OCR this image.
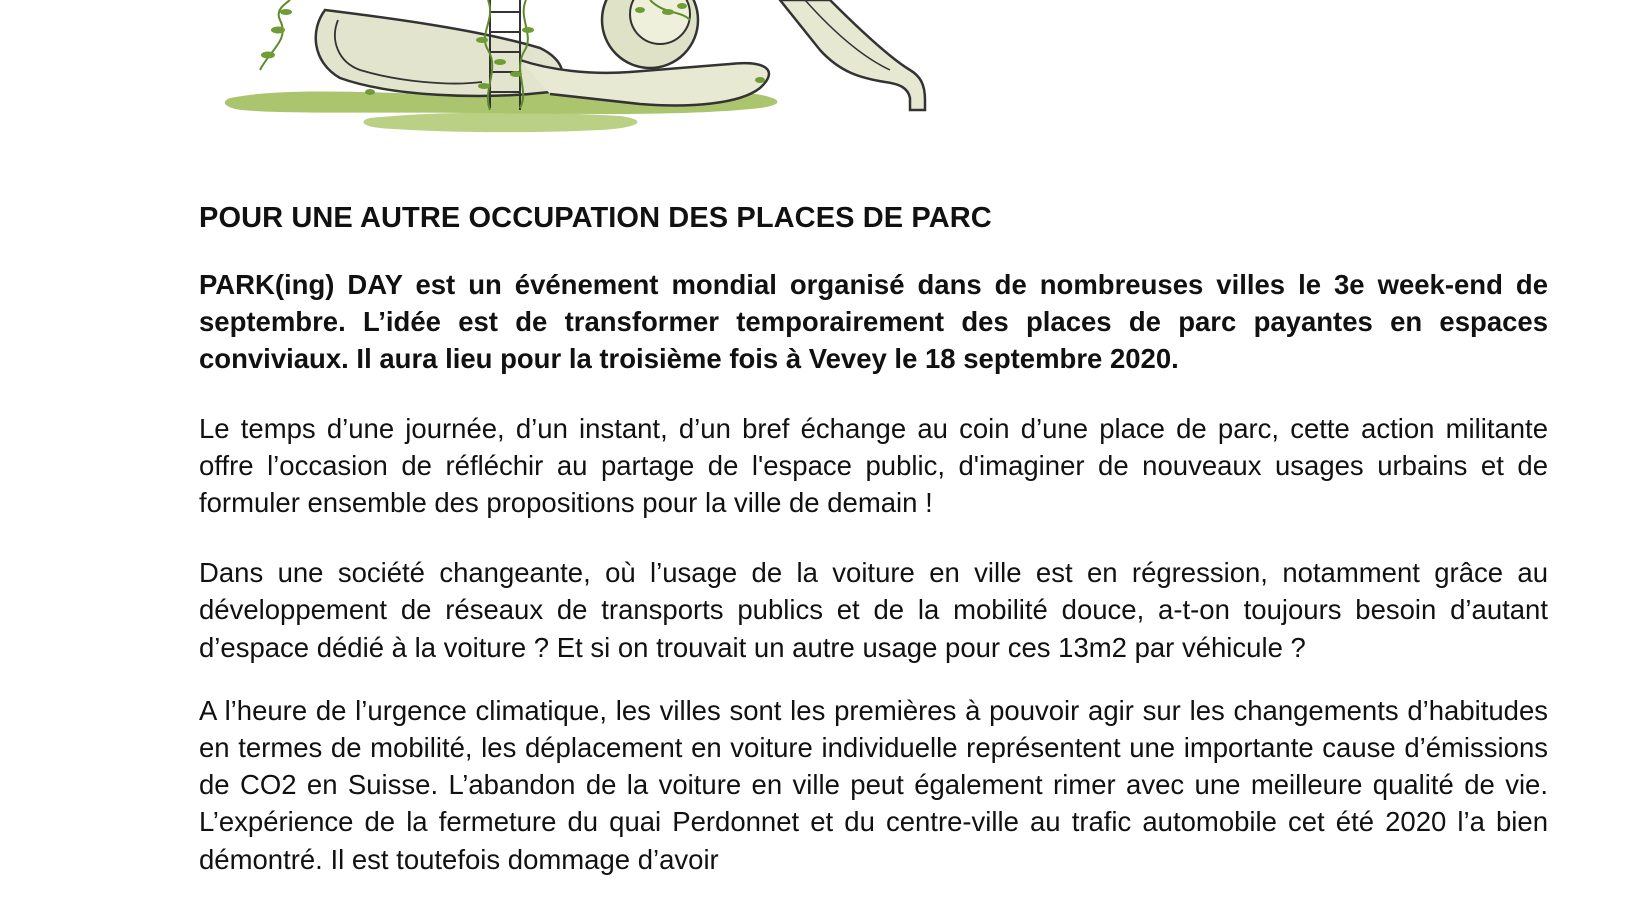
POUR UNE AUTRE OCCUPATION DES PLACES DE PARC

PARK(ing) DAY est un événement mondial organisé dans de nombreuses villes le 3e week-end de septembre. L’idée est de transformer temporairement des places de parc payantes en espaces conviviaux. Il aura lieu pour la troisième fois à Vevey le 18 septembre 2020.

Le temps d’une journée, d’un instant, d’un bref échange au coin d’une place de parc, cette action militante offre l’occasion de réfléchir au partage de l'espace public, d'imaginer de nouveaux usages urbains et de formuler ensemble des propositions pour la ville de demain !

Dans une société changeante, où l’usage de la voiture en ville est en régression, notamment grâce au développement de réseaux de transports publics et de la mobilité douce, a-t-on toujours besoin d’autant d’espace dédié à la voiture ? Et si on trouvait un autre usage pour ces 13m2 par véhicule ?

A l’heure de l’urgence climatique, les villes sont les premières à pouvoir agir sur les changements d’habitudes en termes de mobilité, les déplacement en voiture individuelle représentent une importante cause d’émissions de CO2 en Suisse. L’abandon de la voiture en ville peut également rimer avec une meilleure qualité de vie. L’expérience de la fermeture du quai Perdonnet et du centre-ville au trafic automobile cet été 2020 l’a bien démontré. Il est toutefois dommage d’avoir
